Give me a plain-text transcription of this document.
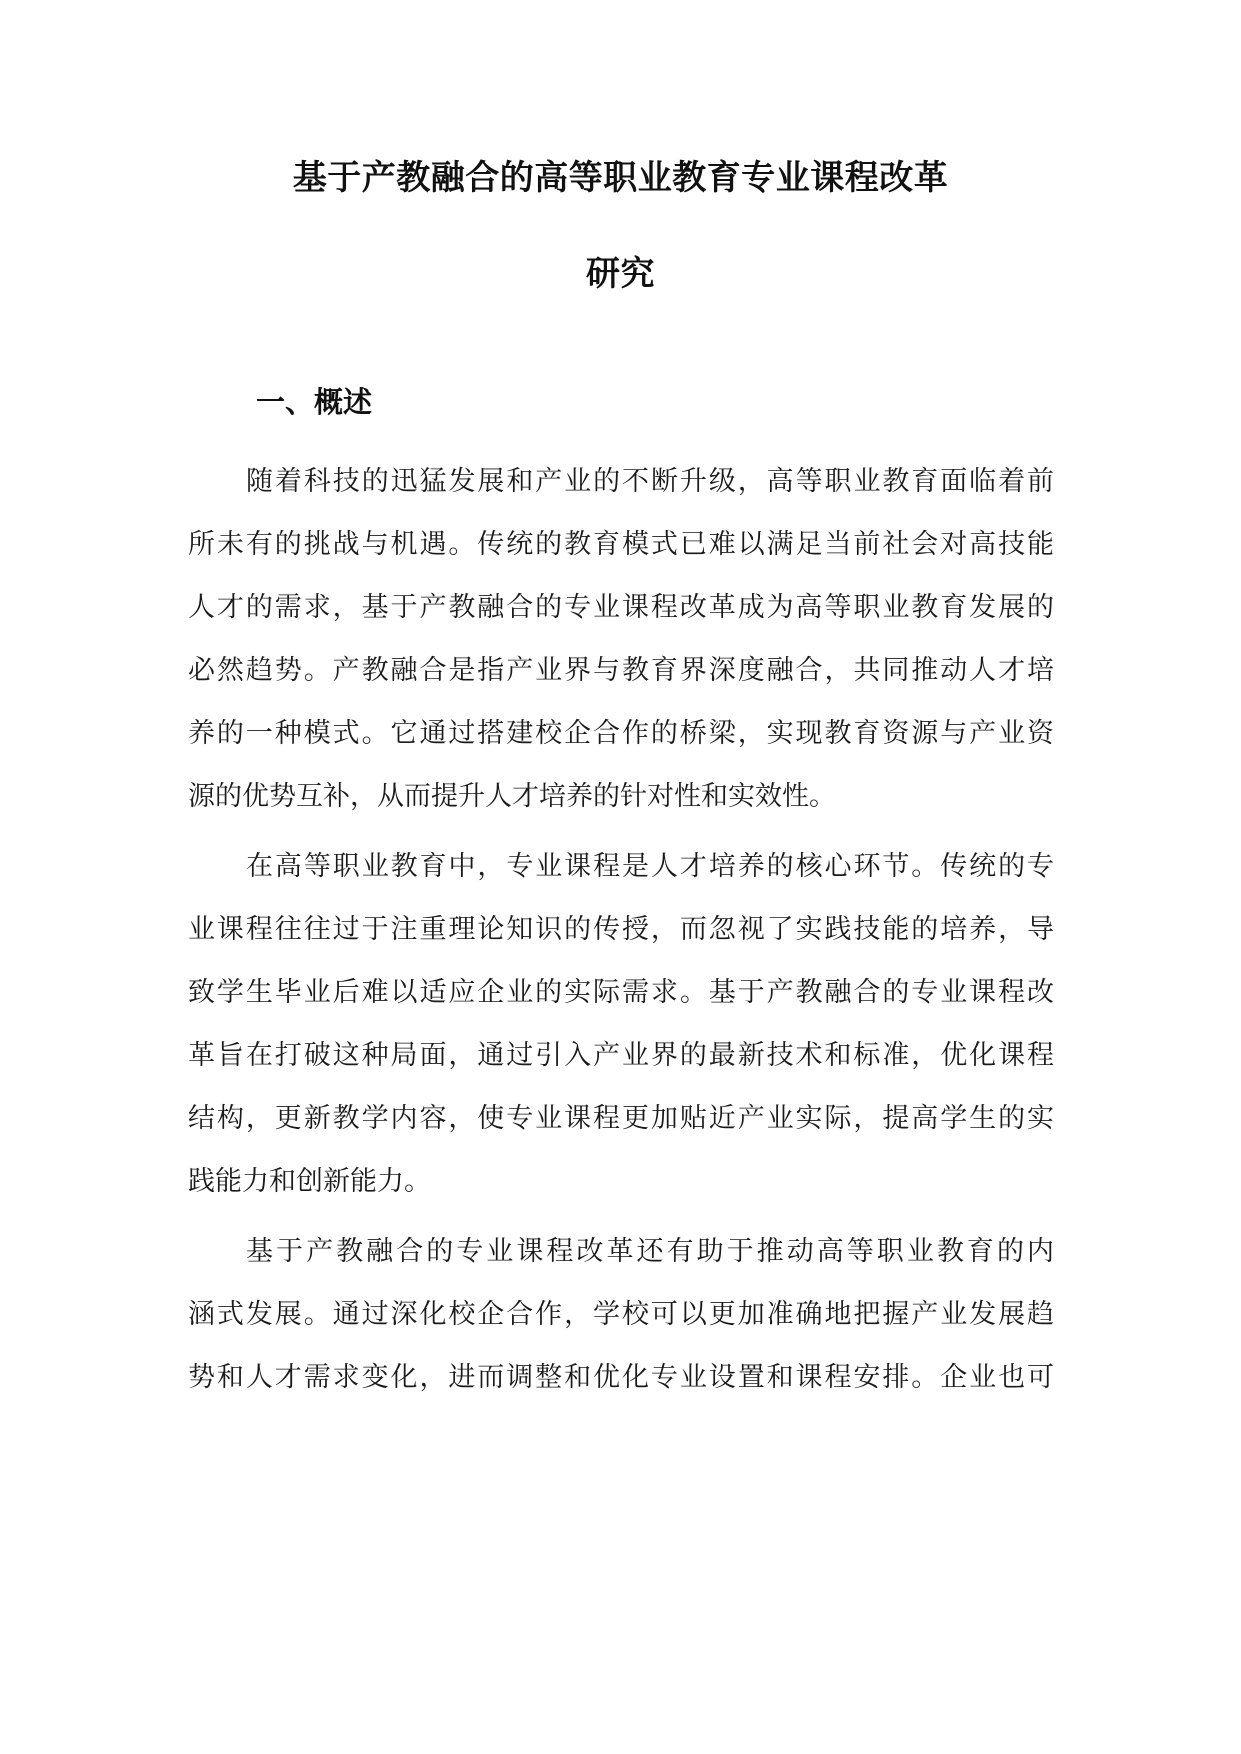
基于产教融合的高等职业教育专业课程改革
研究
一、概述
随着科技的迅猛发展和产业的不断升级，高等职业教育面临着前
所未有的挑战与机遇。传统的教育模式已难以满足当前社会对高技能
人才的需求，基于产教融合的专业课程改革成为高等职业教育发展的
必然趋势。产教融合是指产业界与教育界深度融合，共同推动人才培
养的一种模式。它通过搭建校企合作的桥梁，实现教育资源与产业资
源的优势互补，从而提升人才培养的针对性和实效性。
在高等职业教育中，专业课程是人才培养的核心环节。传统的专
业课程往往过于注重理论知识的传授，而忽视了实践技能的培养，导
致学生毕业后难以适应企业的实际需求。基于产教融合的专业课程改
革旨在打破这种局面，通过引入产业界的最新技术和标准，优化课程
结构，更新教学内容，使专业课程更加贴近产业实际，提高学生的实
践能力和创新能力。
基于产教融合的专业课程改革还有助于推动高等职业教育的内
涵式发展。通过深化校企合作，学校可以更加准确地把握产业发展趋
势和人才需求变化，进而调整和优化专业设置和课程安排。企业也可
